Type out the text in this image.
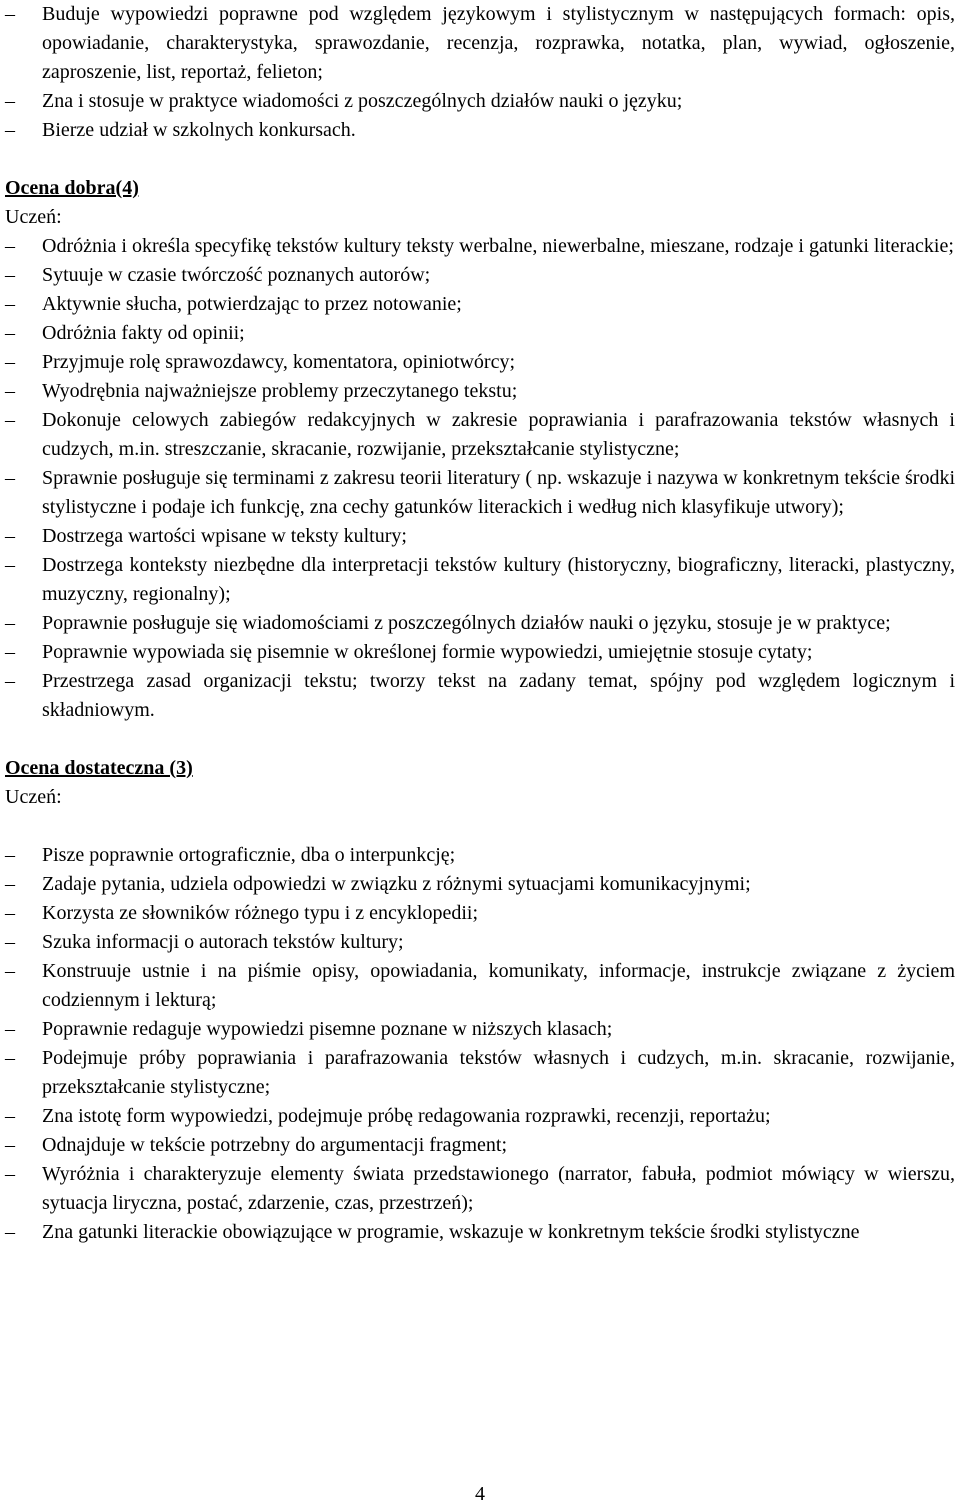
– Buduje wypowiedzi poprawne pod względem językowym i stylistycznym w następujących formach: opis, opowiadanie, charakterystyka, sprawozdanie, recenzja, rozprawka, notatka, plan, wywiad, ogłoszenie, zaproszenie, list, reportaż, felieton;
– Zna i stosuje w praktyce wiadomości z poszczególnych działów nauki o języku;
– Bierze udział w szkolnych konkursach.

Ocena dobra(4)

Uczeń:

– Odróżnia i określa specyfikę tekstów kultury teksty werbalne, niewerbalne, mieszane, rodzaje i gatunki literackie;
– Sytuuje w czasie twórczość poznanych autorów;
– Aktywnie słucha, potwierdzając to przez notowanie;
– Odróżnia fakty od opinii;
– Przyjmuje rolę sprawozdawcy, komentatora, opiniotwórcy;
– Wyodrębnia najważniejsze problemy przeczytanego tekstu;
– Dokonuje celowych zabiegów redakcyjnych w zakresie poprawiania i parafrazowania tekstów własnych i cudzych, m.in. streszczanie, skracanie, rozwijanie, przekształcanie stylistyczne;
– Sprawnie posługuje się terminami z zakresu teorii literatury ( np. wskazuje i nazywa w konkretnym tekście środki stylistyczne i podaje ich funkcję, zna cechy gatunków literackich i według nich klasyfikuje utwory);
– Dostrzega wartości wpisane w teksty kultury;
– Dostrzega konteksty niezbędne dla interpretacji tekstów kultury (historyczny, biograficzny, literacki, plastyczny, muzyczny, regionalny);
– Poprawnie posługuje się wiadomościami z poszczególnych działów nauki o języku, stosuje je w praktyce;
– Poprawnie wypowiada się pisemnie w określonej formie wypowiedzi, umiejętnie stosuje cytaty;
– Przestrzega zasad organizacji tekstu; tworzy tekst na zadany temat, spójny pod względem logicznym i składniowym.

Ocena dostateczna (3)

Uczeń:

– Pisze poprawnie ortograficznie, dba o interpunkcję;
– Zadaje pytania, udziela odpowiedzi w związku z różnymi sytuacjami komunikacyjnymi;
– Korzysta ze słowników różnego typu i z encyklopedii;
– Szuka informacji o autorach tekstów kultury;
– Konstruuje ustnie i na piśmie opisy, opowiadania, komunikaty, informacje, instrukcje związane z życiem codziennym i lekturą;
– Poprawnie redaguje wypowiedzi pisemne poznane w niższych klasach;
– Podejmuje próby poprawiania i parafrazowania tekstów własnych i cudzych, m.in. skracanie, rozwijanie, przekształcanie stylistyczne;
– Zna istotę form wypowiedzi, podejmuje próbę redagowania rozprawki, recenzji, reportażu;
– Odnajduje w tekście potrzebny do argumentacji fragment;
– Wyróżnia i charakteryzuje elementy świata przedstawionego (narrator, fabuła, podmiot mówiący w wierszu, sytuacja liryczna, postać, zdarzenie, czas, przestrzeń);
– Zna gatunki literackie obowiązujące w programie, wskazuje w konkretnym tekście środki stylistyczne
4
